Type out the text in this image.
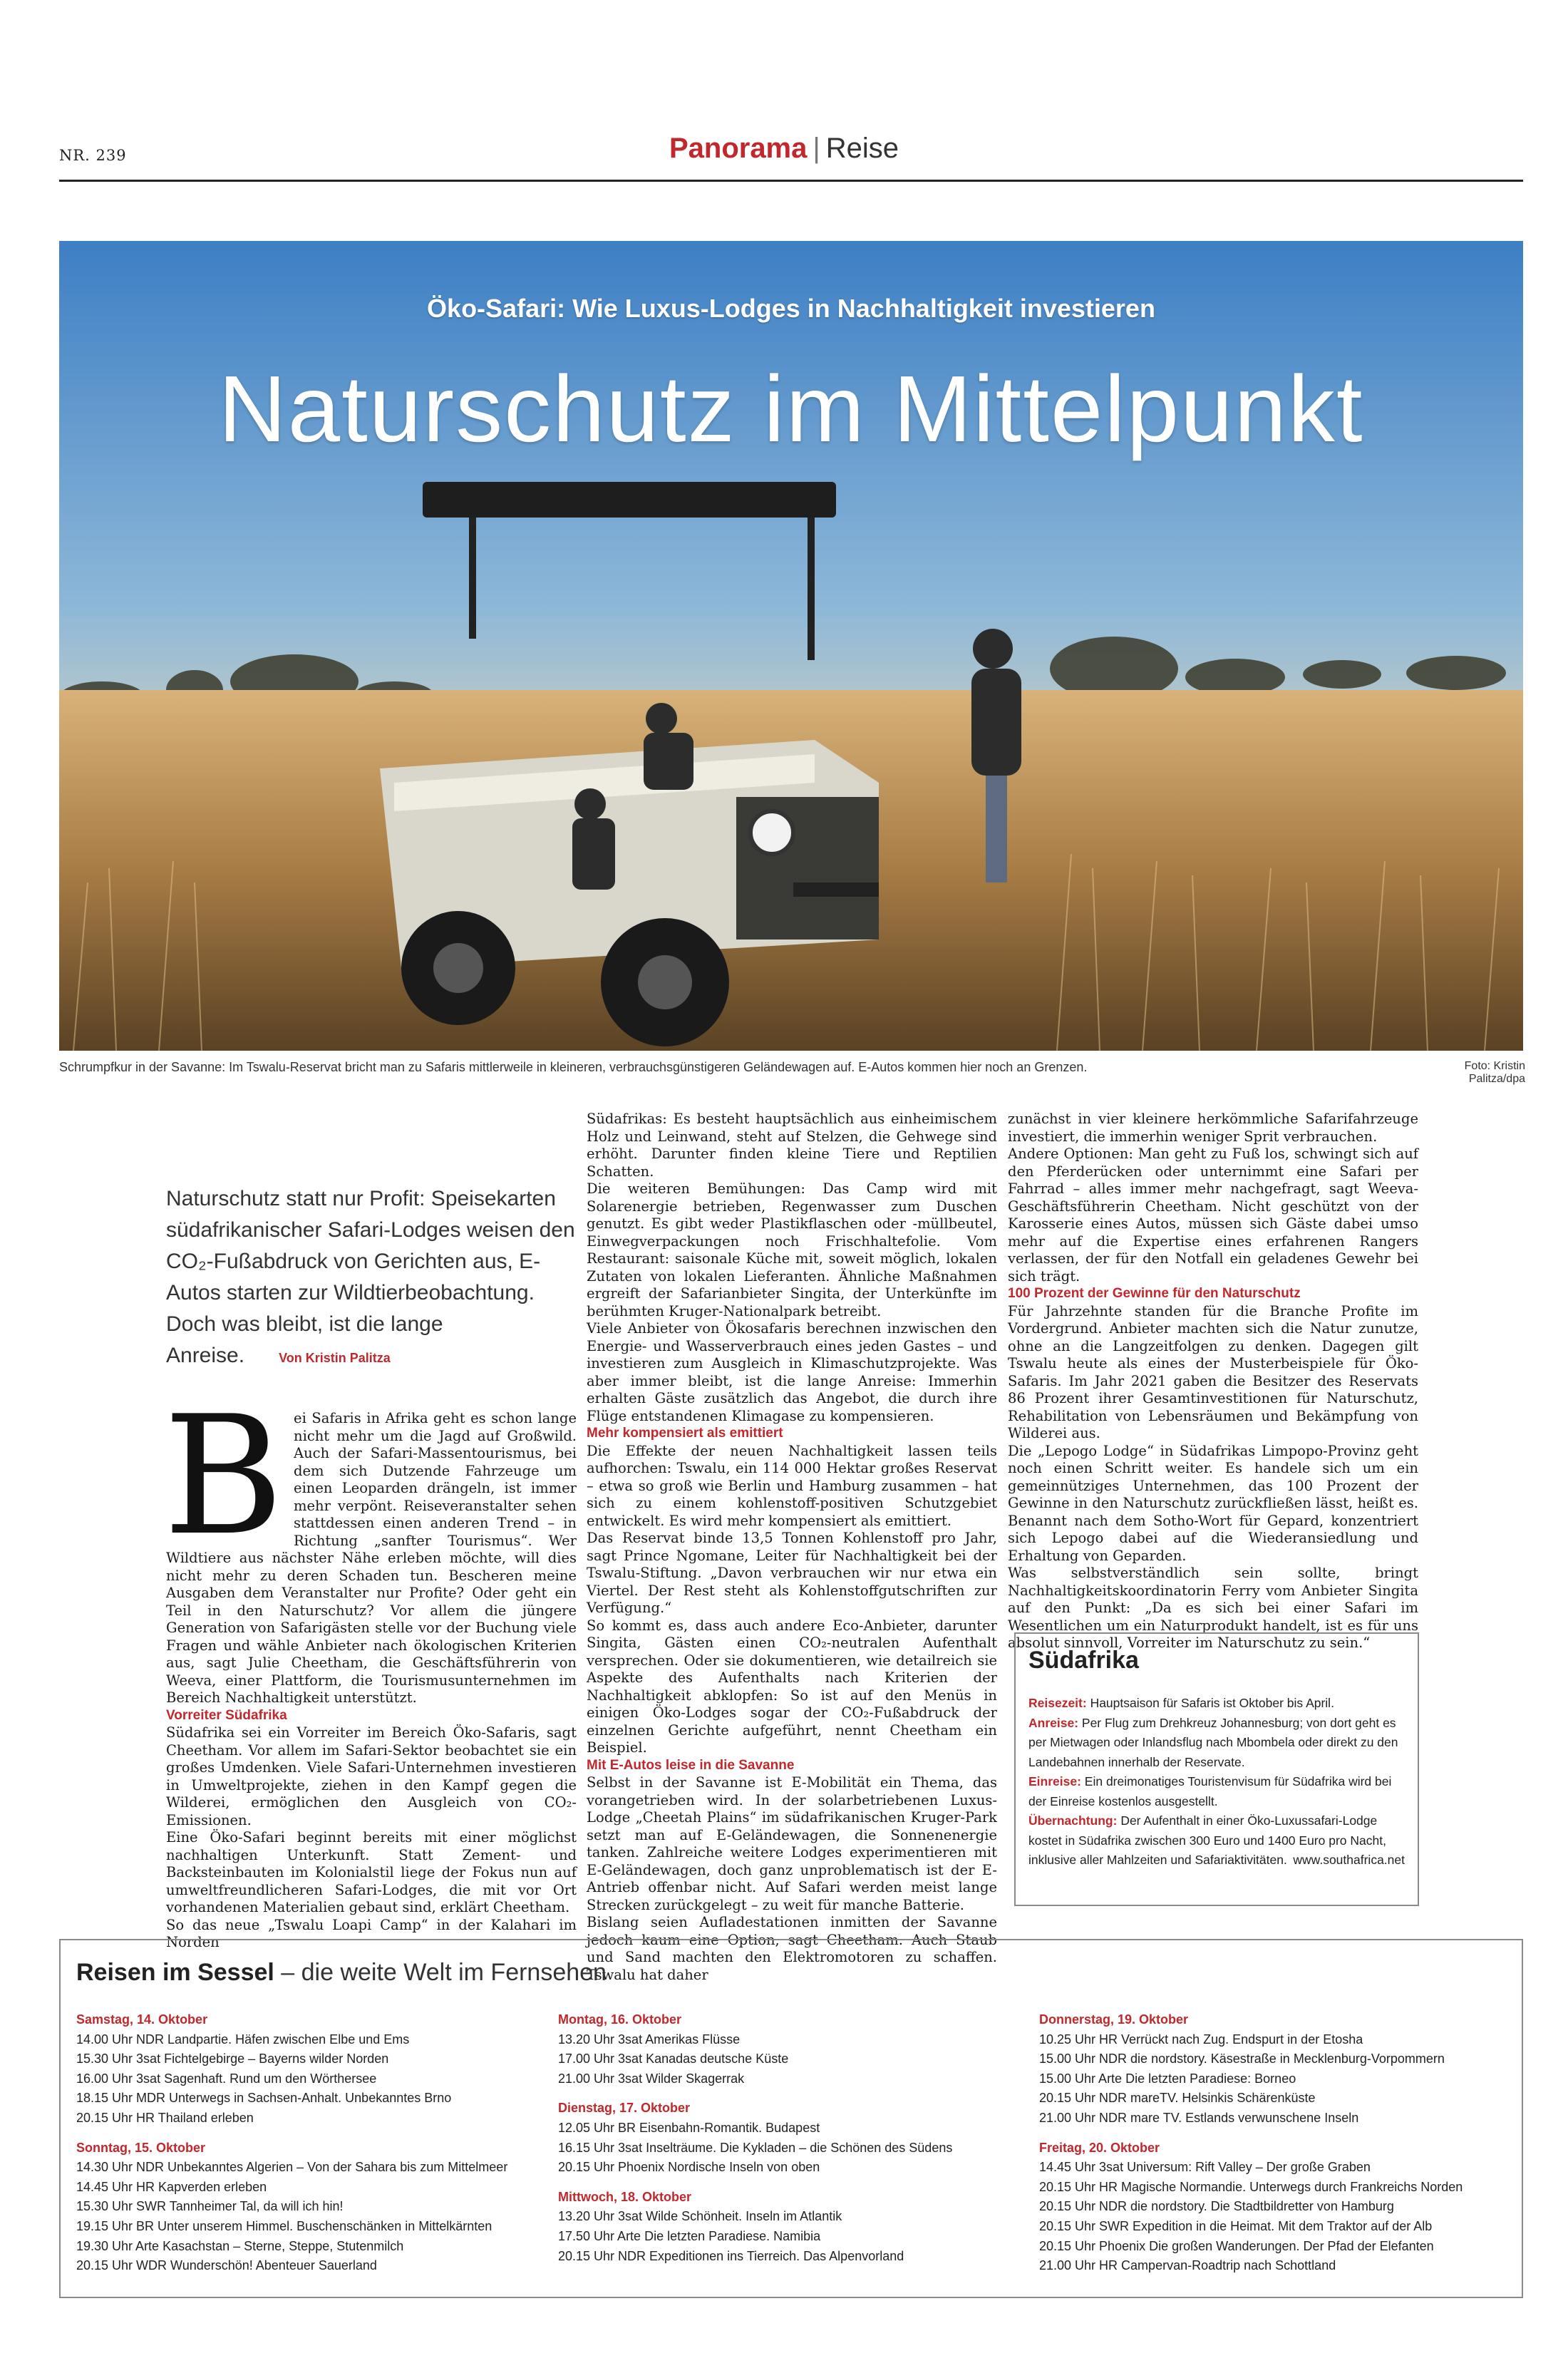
NR. 239	Panorama | Reise
Öko-Safari: Wie Luxus-Lodges in Nachhaltigkeit investieren
Naturschutz im Mittelpunkt
Schrumpfkur in der Savanne: Im Tswalu-Reservat bricht man zu Safaris mittlerweile in kleineren, verbrauchsgünstigeren Geländewagen auf. E-Autos kommen hier noch an Grenzen.	Foto: Kristin Palitza/dpa
Naturschutz statt nur Profit: Speisekarten südafrikanischer Safari-Lodges weisen den CO₂-Fußabdruck von Gerichten aus, E-Autos starten zur Wildtierbeobachtung. Doch was bleibt, ist die lange Anreise.	Von Kristin Palitza
B ei Safaris in Afrika geht es schon lange nicht mehr um die Jagd auf Großwild. Auch der Safari-Massentourismus, bei dem sich Dutzende Fahrzeuge um einen Leoparden drängeln, ist immer mehr verpönt. Reiseveranstalter sehen stattdessen einen anderen Trend – in Richtung „sanfter Tourismus“. Wer Wildtiere aus nächster Nähe erleben möchte, will dies nicht mehr zu deren Schaden tun. Bescheren meine Ausgaben dem Veranstalter nur Profite? Oder geht ein Teil in den Naturschutz? Vor allem die jüngere Generation von Safarigästen stelle vor der Buchung viele Fragen und wähle Anbieter nach ökologischen Kriterien aus, sagt Julie Cheetham, die Geschäftsführerin von Weeva, einer Plattform, die Tourismusunternehmen im Bereich Nachhaltigkeit unterstützt.

Vorreiter Südafrika

Südafrika sei ein Vorreiter im Bereich Öko-Safaris, sagt Cheetham. Vor allem im Safari-Sektor beobachtet sie ein großes Umdenken. Viele Safari-Unternehmen investieren in Umweltprojekte, ziehen in den Kampf gegen die Wilderei, ermöglichen den Ausgleich von CO₂-Emissionen.

Eine Öko-Safari beginnt bereits mit einer möglichst nachhaltigen Unterkunft. Statt Zement- und Backsteinbauten im Kolonialstil liege der Fokus nun auf umweltfreundlicheren Safari-Lodges, die mit vor Ort vorhandenen Materialien gebaut sind, erklärt Cheetham.

So das neue „Tswalu Loapi Camp“ in der Kalahari im Norden

Südafrikas: Es besteht hauptsächlich aus einheimischem Holz und Leinwand, steht auf Stelzen, die Gehwege sind erhöht. Darunter finden kleine Tiere und Reptilien Schatten.

Die weiteren Bemühungen: Das Camp wird mit Solarenergie betrieben, Regenwasser zum Duschen genutzt. Es gibt weder Plastikflaschen oder -müllbeutel, Einwegverpackungen noch Frischhaltefolie. Vom Restaurant: saisonale Küche mit, soweit möglich, lokalen Zutaten von lokalen Lieferanten. Ähnliche Maßnahmen ergreift der Safarianbieter Singita, der Unterkünfte im berühmten Kruger-Nationalpark betreibt.

Viele Anbieter von Ökosafaris berechnen inzwischen den Energie- und Wasserverbrauch eines jeden Gastes – und investieren zum Ausgleich in Klimaschutzprojekte. Was aber immer bleibt, ist die lange Anreise: Immerhin erhalten Gäste zusätzlich das Angebot, die durch ihre Flüge entstandenen Klimagase zu kompensieren.

Mehr kompensiert als emittiert

Die Effekte der neuen Nachhaltigkeit lassen teils aufhorchen: Tswalu, ein 114 000 Hektar großes Reservat – etwa so groß wie Berlin und Hamburg zusammen – hat sich zu einem kohlenstoff-positiven Schutzgebiet entwickelt. Es wird mehr kompensiert als emittiert.

Das Reservat binde 13,5 Tonnen Kohlenstoff pro Jahr, sagt Prince Ngomane, Leiter für Nachhaltigkeit bei der Tswalu-Stiftung. „Davon verbrauchen wir nur etwa ein Viertel. Der Rest steht als Kohlenstoffgutschriften zur Verfügung.“

So kommt es, dass auch andere Eco-Anbieter, darunter Singita, Gästen einen CO₂-neutralen Aufenthalt versprechen. Oder sie dokumentieren, wie detailreich sie Aspekte des Aufenthalts nach Kriterien der Nachhaltigkeit abklopfen: So ist auf den Menüs in einigen Öko-Lodges sogar der CO₂-Fußabdruck der einzelnen Gerichte aufgeführt, nennt Cheetham ein Beispiel.

Mit E-Autos leise in die Savanne

Selbst in der Savanne ist E-Mobilität ein Thema, das vorangetrieben wird. In der solarbetriebenen Luxus-Lodge „Cheetah Plains“ im südafrikanischen Kruger-Park setzt man auf E-Geländewagen, die Sonnenenergie tanken. Zahlreiche weitere Lodges experimentieren mit E-Geländewagen, doch ganz unproblematisch ist der E-Antrieb offenbar nicht. Auf Safari werden meist lange Strecken zurückgelegt – zu weit für manche Batterie.

Bislang seien Aufladestationen inmitten der Savanne jedoch kaum eine Option, sagt Cheetham. Auch Staub und Sand machten den Elektromotoren zu schaffen. Tswalu hat daher

zunächst in vier kleinere herkömmliche Safarifahrzeuge investiert, die immerhin weniger Sprit verbrauchen.

Andere Optionen: Man geht zu Fuß los, schwingt sich auf den Pferderücken oder unternimmt eine Safari per Fahrrad – alles immer mehr nachgefragt, sagt Weeva-Geschäftsführerin Cheetham. Nicht geschützt von der Karosserie eines Autos, müssen sich Gäste dabei umso mehr auf die Expertise eines erfahrenen Rangers verlassen, der für den Notfall ein geladenes Gewehr bei sich trägt.

100 Prozent der Gewinne für den Naturschutz

Für Jahrzehnte standen für die Branche Profite im Vordergrund. Anbieter machten sich die Natur zunutze, ohne an die Langzeitfolgen zu denken. Dagegen gilt Tswalu heute als eines der Musterbeispiele für Öko-Safaris. Im Jahr 2021 gaben die Besitzer des Reservats 86 Prozent ihrer Gesamtinvestitionen für Naturschutz, Rehabilitation von Lebensräumen und Bekämpfung von Wilderei aus.

Die „Lepogo Lodge“ in Südafrikas Limpopo-Provinz geht noch einen Schritt weiter. Es handele sich um ein gemeinnütziges Unternehmen, das 100 Prozent der Gewinne in den Naturschutz zurückfließen lässt, heißt es. Benannt nach dem Sotho-Wort für Gepard, konzentriert sich Lepogo dabei auf die Wiederansiedlung und Erhaltung von Geparden.

Was selbstverständlich sein sollte, bringt Nachhaltigkeitskoordinatorin Ferry vom Anbieter Singita auf den Punkt: „Da es sich bei einer Safari im Wesentlichen um ein Naturprodukt handelt, ist es für uns absolut sinnvoll, Vorreiter im Naturschutz zu sein.“

Südafrika
Reisezeit: Hauptsaison für Safaris ist Oktober bis April.
Anreise: Per Flug zum Drehkreuz Johannesburg; von dort geht es per Mietwagen oder Inlandsflug nach Mbombela oder direkt zu den Landebahnen innerhalb der Reservate.
Einreise: Ein dreimonatiges Touristenvisum für Südafrika wird bei der Einreise kostenlos ausgestellt.
Übernachtung: Der Aufenthalt in einer Öko-Luxussafari-Lodge kostet in Südafrika zwischen 300 Euro und 1400 Euro pro Nacht, inklusive aller Mahlzeiten und Safariaktivitäten. www.southafrica.net
Reisen im Sessel – die weite Welt im Fernsehen
Samstag, 14. Oktober
14.00 Uhr NDR Landpartie. Häfen zwischen Elbe und Ems
15.30 Uhr 3sat Fichtelgebirge – Bayerns wilder Norden
16.00 Uhr 3sat Sagenhaft. Rund um den Wörthersee
18.15 Uhr MDR Unterwegs in Sachsen-Anhalt. Unbekanntes Brno
20.15 Uhr HR Thailand erleben
Sonntag, 15. Oktober
14.30 Uhr NDR Unbekanntes Algerien – Von der Sahara bis zum Mittelmeer
14.45 Uhr HR Kapverden erleben
15.30 Uhr SWR Tannheimer Tal, da will ich hin!
19.15 Uhr BR Unter unserem Himmel. Buschenschänken in Mittelkärnten
19.30 Uhr Arte Kasachstan – Sterne, Steppe, Stutenmilch
20.15 Uhr WDR Wunderschön! Abenteuer Sauerland
Montag, 16. Oktober
13.20 Uhr 3sat Amerikas Flüsse
17.00 Uhr 3sat Kanadas deutsche Küste
21.00 Uhr 3sat Wilder Skagerrak
Dienstag, 17. Oktober
12.05 Uhr BR Eisenbahn-Romantik. Budapest
16.15 Uhr 3sat Inselträume. Die Kykladen – die Schönen des Südens
20.15 Uhr Phoenix Nordische Inseln von oben
Mittwoch, 18. Oktober
13.20 Uhr 3sat Wilde Schönheit. Inseln im Atlantik
17.50 Uhr Arte Die letzten Paradiese. Namibia
20.15 Uhr NDR Expeditionen ins Tierreich. Das Alpenvorland
Donnerstag, 19. Oktober
10.25 Uhr HR Verrückt nach Zug. Endspurt in der Etosha
15.00 Uhr NDR die nordstory. Käsestraße in Mecklenburg-Vorpommern
15.00 Uhr Arte Die letzten Paradiese: Borneo
20.15 Uhr NDR mareTV. Helsinkis Schärenküste
21.00 Uhr NDR mare TV. Estlands verwunschene Inseln
Freitag, 20. Oktober
14.45 Uhr 3sat Universum: Rift Valley – Der große Graben
20.15 Uhr HR Magische Normandie. Unterwegs durch Frankreichs Norden
20.15 Uhr NDR die nordstory. Die Stadtbildretter von Hamburg
20.15 Uhr SWR Expedition in die Heimat. Mit dem Traktor auf der Alb
20.15 Uhr Phoenix Die großen Wanderungen. Der Pfad der Elefanten
21.00 Uhr HR Campervan-Roadtrip nach Schottland
